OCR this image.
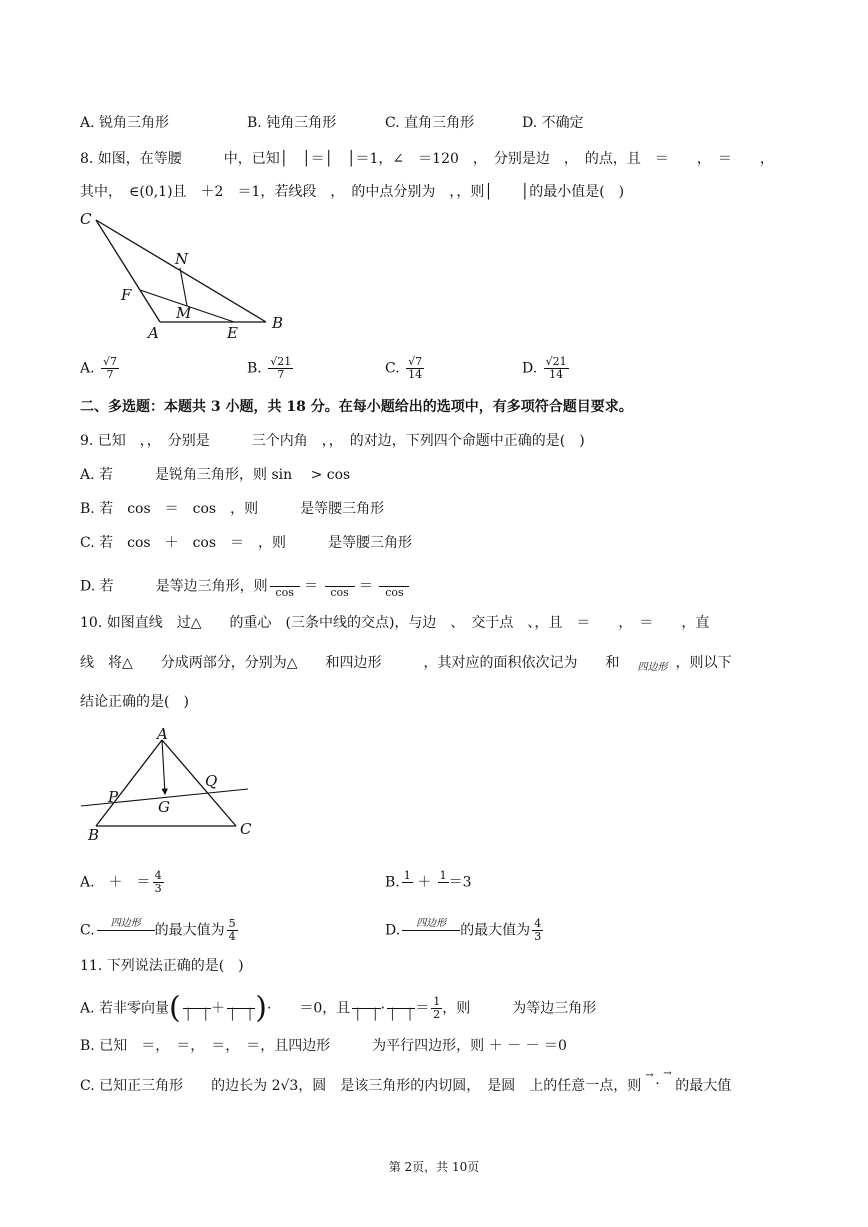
A. 锐角三角形	B. 钝角三角形	C. 直角三角形	D. 不确定
8. 如图，在等腰　　　中，已知│　│＝│　│＝1，∠　＝120　，　分别是边　，　的点，且　＝　　，　＝　　，
其中，　∈(0,1)且　＋2　＝1，若线段　，　的中点分别为　，，则│　　│的最小值是(　)
C
N
F
M
A	E
B
A. $\frac{√7}{7}$	B. $\frac{√21}{7}$	C. $\frac{√7}{14}$	D. $\frac{√21}{14}$
二、多选题：本题共 3 小题，共 18 分。在每小题给出的选项中，有多项符合题目要求。
9. 已知　，，　分别是　　　三个内角　，，　的对边，下列四个命题中正确的是(　)
A. 若　　　是锐角三角形，则 sin　 > cos
B. 若　cos　＝　cos　，则　　　是等腰三角形
C. 若　cos　＋　cos　＝　，则　　　是等腰三角形
D. 若　　　是等边三角形，则
cos ＝
cos ＝
cos
10. 如图直线　过△　　的重心　(三条中线的交点)，与边　、　交于点　、，且　＝　　，　＝　　，直
线　将△　　分成两部分，分别为△　　和四边形　　　，其对应的面积依次记为　　和 $_{四边形}$ ，则以下
结论正确的是(　)
A
Q
P
G
B	C
A.　＋　＝ $\frac{4}{3}$	B. 1
＋ 1
＝3
C.	四边形
	的最大值为 $\frac{5}{4}$	D.	四边形
	的最大值为 $\frac{4}{3}$
11. 下列说法正确的是(　)
A. 若非零向量(
│　│ ＋
│　│ )·　　＝0，且
│　│ ·
│　│ ＝ $\frac{1}{2}$ ，则　　　为等边三角形
B. 已知　＝，　＝，　＝，　＝，且四边形　　　为平行四边形，则 ＋ － － ＝0
C. 已知正三角形　　的边长为 2√3，圆　是该三角形的内切圆，　是圆　上的任意一点，则
→
·
→
的最大值
第 2页，共 10页
